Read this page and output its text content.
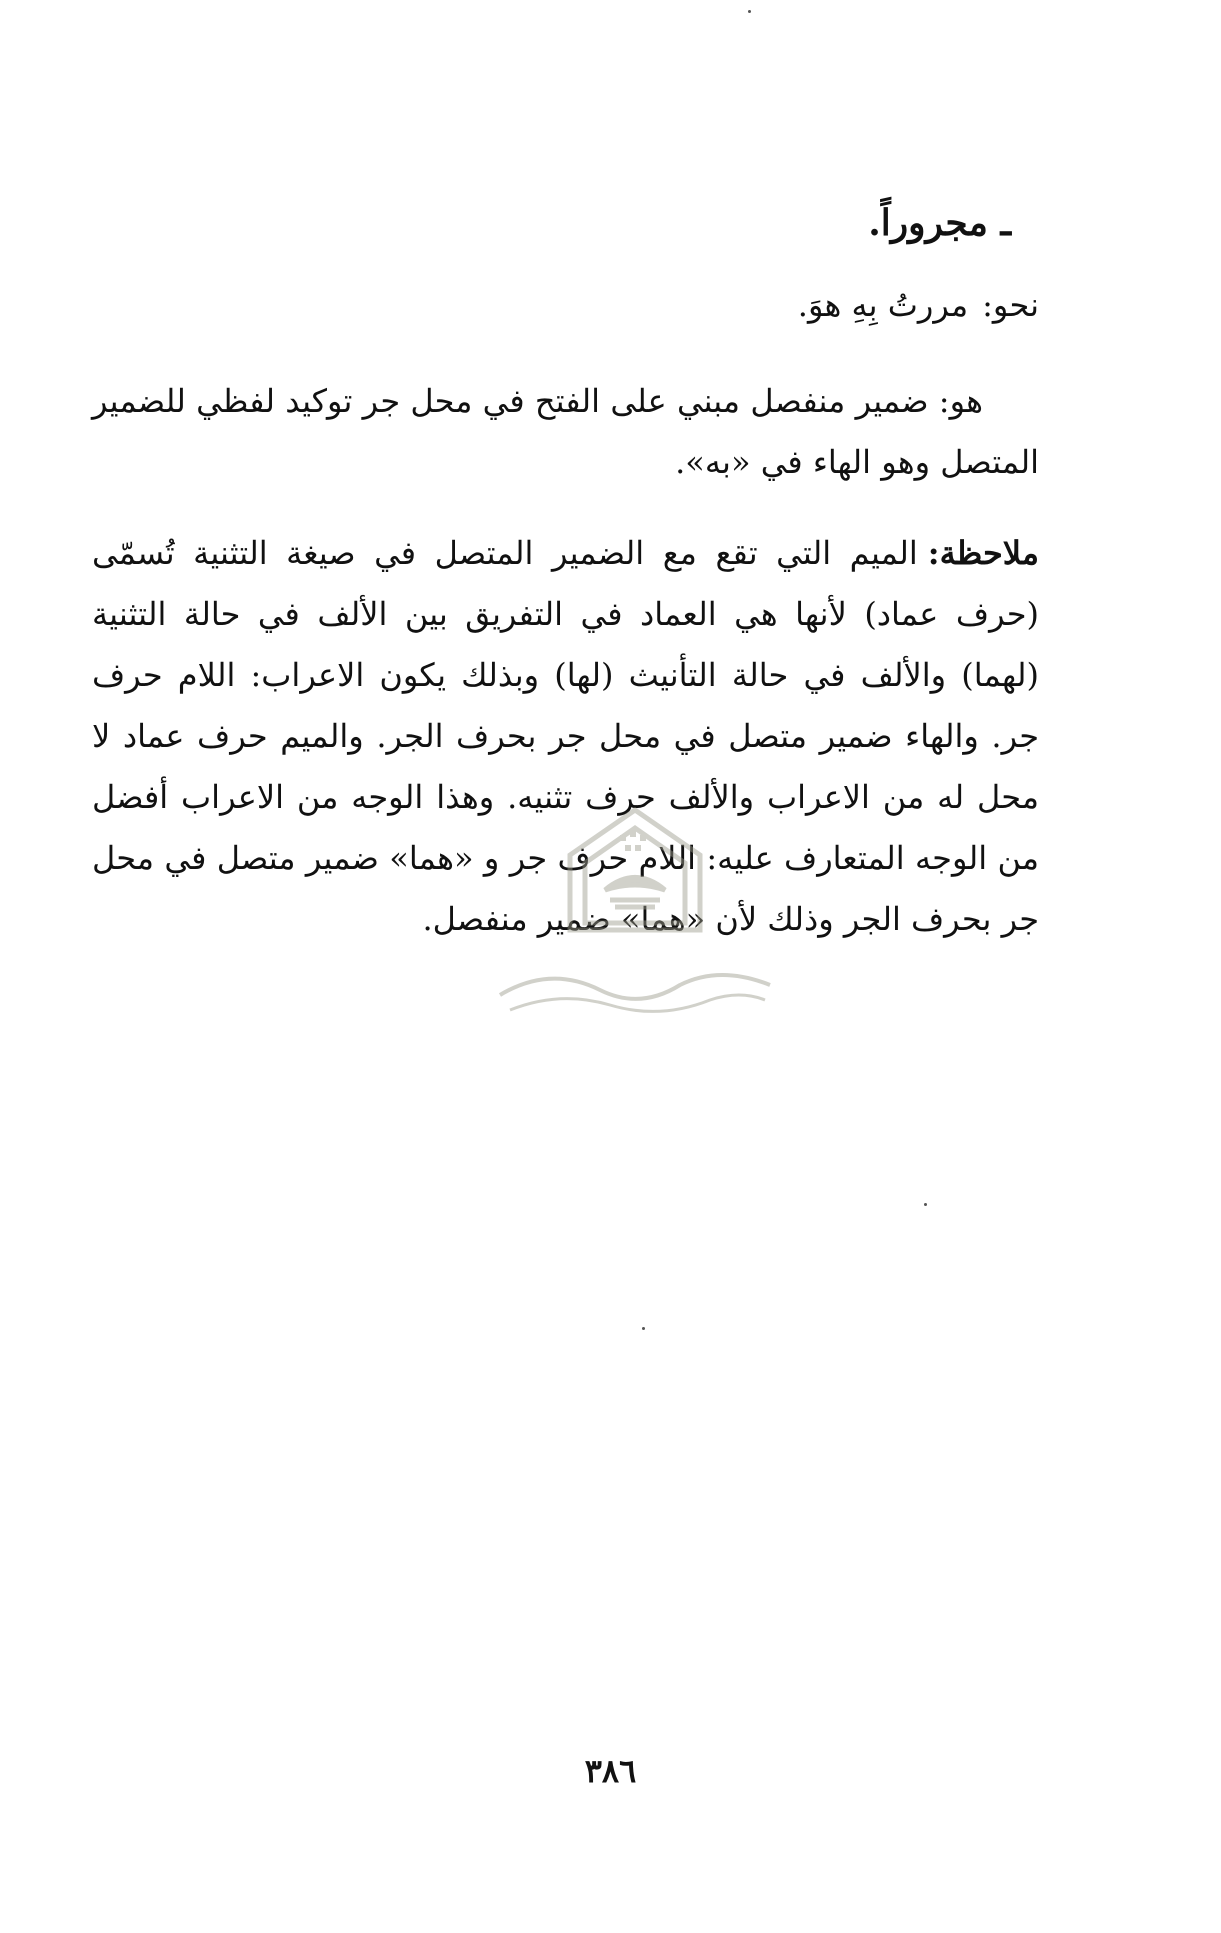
ـ مجروراً.
نحو:مررتُ بِهِ هوَ.

هو: ضمير منفصل مبني على الفتح في محل جر توكيد لفظي للضمير المتصل وهو الهاء في «به».

ملاحظة:الميم التي تقع مع الضمير المتصل في صيغة التثنية تُسمّى (حرف عماد) لأنها هي العماد في التفريق بين الألف في حالة التثنية (لهما) والألف في حالة التأنيث (لها) وبذلك يكون الاعراب: اللام حرف جر. والهاء ضمير متصل في محل جر بحرف الجر. والميم حرف عماد لا محل له من الاعراب والألف حرف تثنيه. وهذا الوجه من الاعراب أفضل من الوجه المتعارف عليه: اللام حرف جر و «هما» ضمير متصل في محل جر بحرف الجر وذلك لأن «هما» ضمير منفصل.

٣٨٦
